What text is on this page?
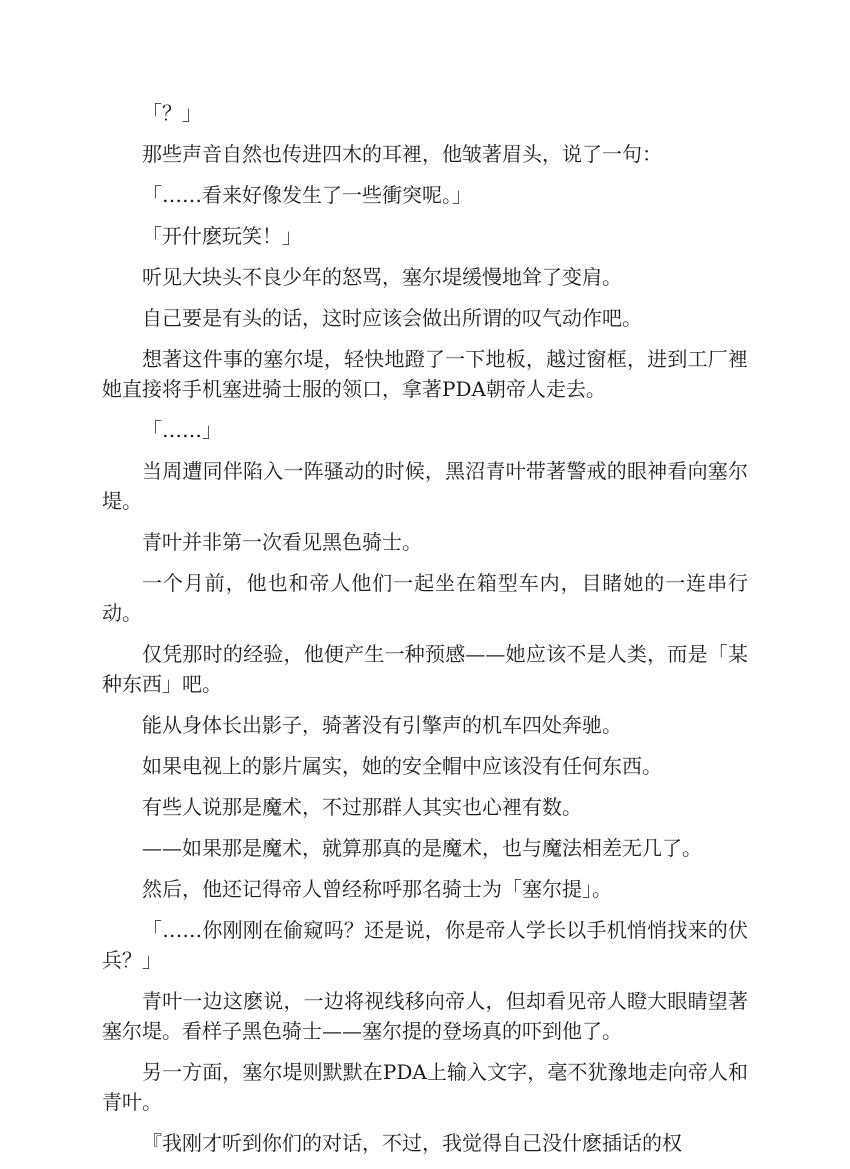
「？」

那些声音自然也传进四木的耳裡，他皱著眉头，说了一句：

「……看来好像发生了一些衝突呢。」

「开什麽玩笑！」

听见大块头不良少年的怒骂，塞尔堤缓慢地耸了变肩。

自己要是有头的话，这时应该会做出所谓的叹气动作吧。

想著这件事的塞尔堤，轻快地蹬了一下地板，越过窗框，进到工厂裡她直接将手机塞进骑士服的领口，拿著PDA朝帝人走去。

「……」

当周遭同伴陷入一阵骚动的时候，黑沼青叶带著警戒的眼神看向塞尔堤。

青叶并非第一次看见黑色骑士。

一个月前，他也和帝人他们一起坐在箱型车内，目睹她的一连串行动。

仅凭那时的经验，他便产生一种预感——她应该不是人类，而是「某种东西」吧。

能从身体长出影子，骑著没有引擎声的机车四处奔驰。

如果电视上的影片属实，她的安全帽中应该没有任何东西。

有些人说那是魔术，不过那群人其实也心裡有数。

——如果那是魔术，就算那真的是魔术，也与魔法相差无几了。

然后，他还记得帝人曾经称呼那名骑士为「塞尔提」。

「……你刚刚在偷窥吗？还是说，你是帝人学长以手机悄悄找来的伏兵？」

青叶一边这麽说，一边将视线移向帝人，但却看见帝人瞪大眼睛望著塞尔堤。看样子黑色骑士——塞尔提的登场真的吓到他了。

另一方面，塞尔堤则默默在PDA上输入文字，毫不犹豫地走向帝人和青叶。

『我刚才听到你们的对话，不过，我觉得自己没什麽插话的权
